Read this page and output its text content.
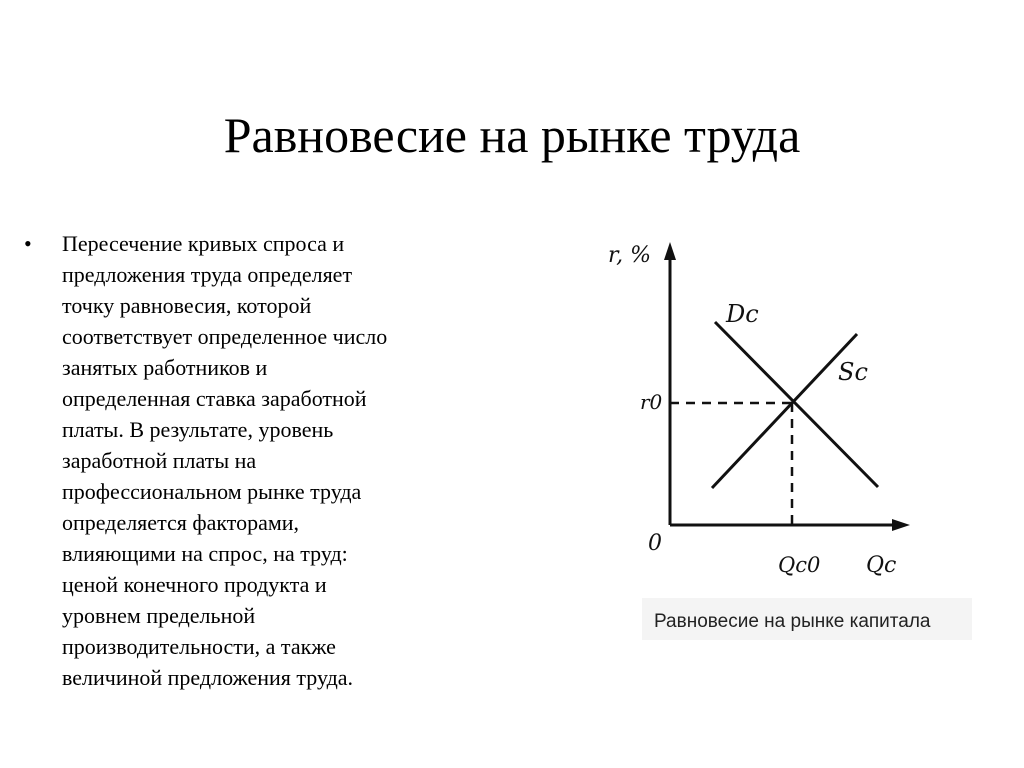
Равновесие на рынке труда
• Пересечение кривых спроса и
предложения труда определяет
точку равновесия, которой
соответствует определенное число
занятых работников и
определенная ставка заработной
платы. В результате, уровень
заработной платы на
профессиональном рынке труда
определяется факторами,
влияющими на спрос, на труд:
ценой конечного продукта и
уровнем предельной
производительности, а также
величиной предложения труда.
r, %
0
r0
Qc0 Qc
Dc
Sc
Равновесие на рынке капитала
